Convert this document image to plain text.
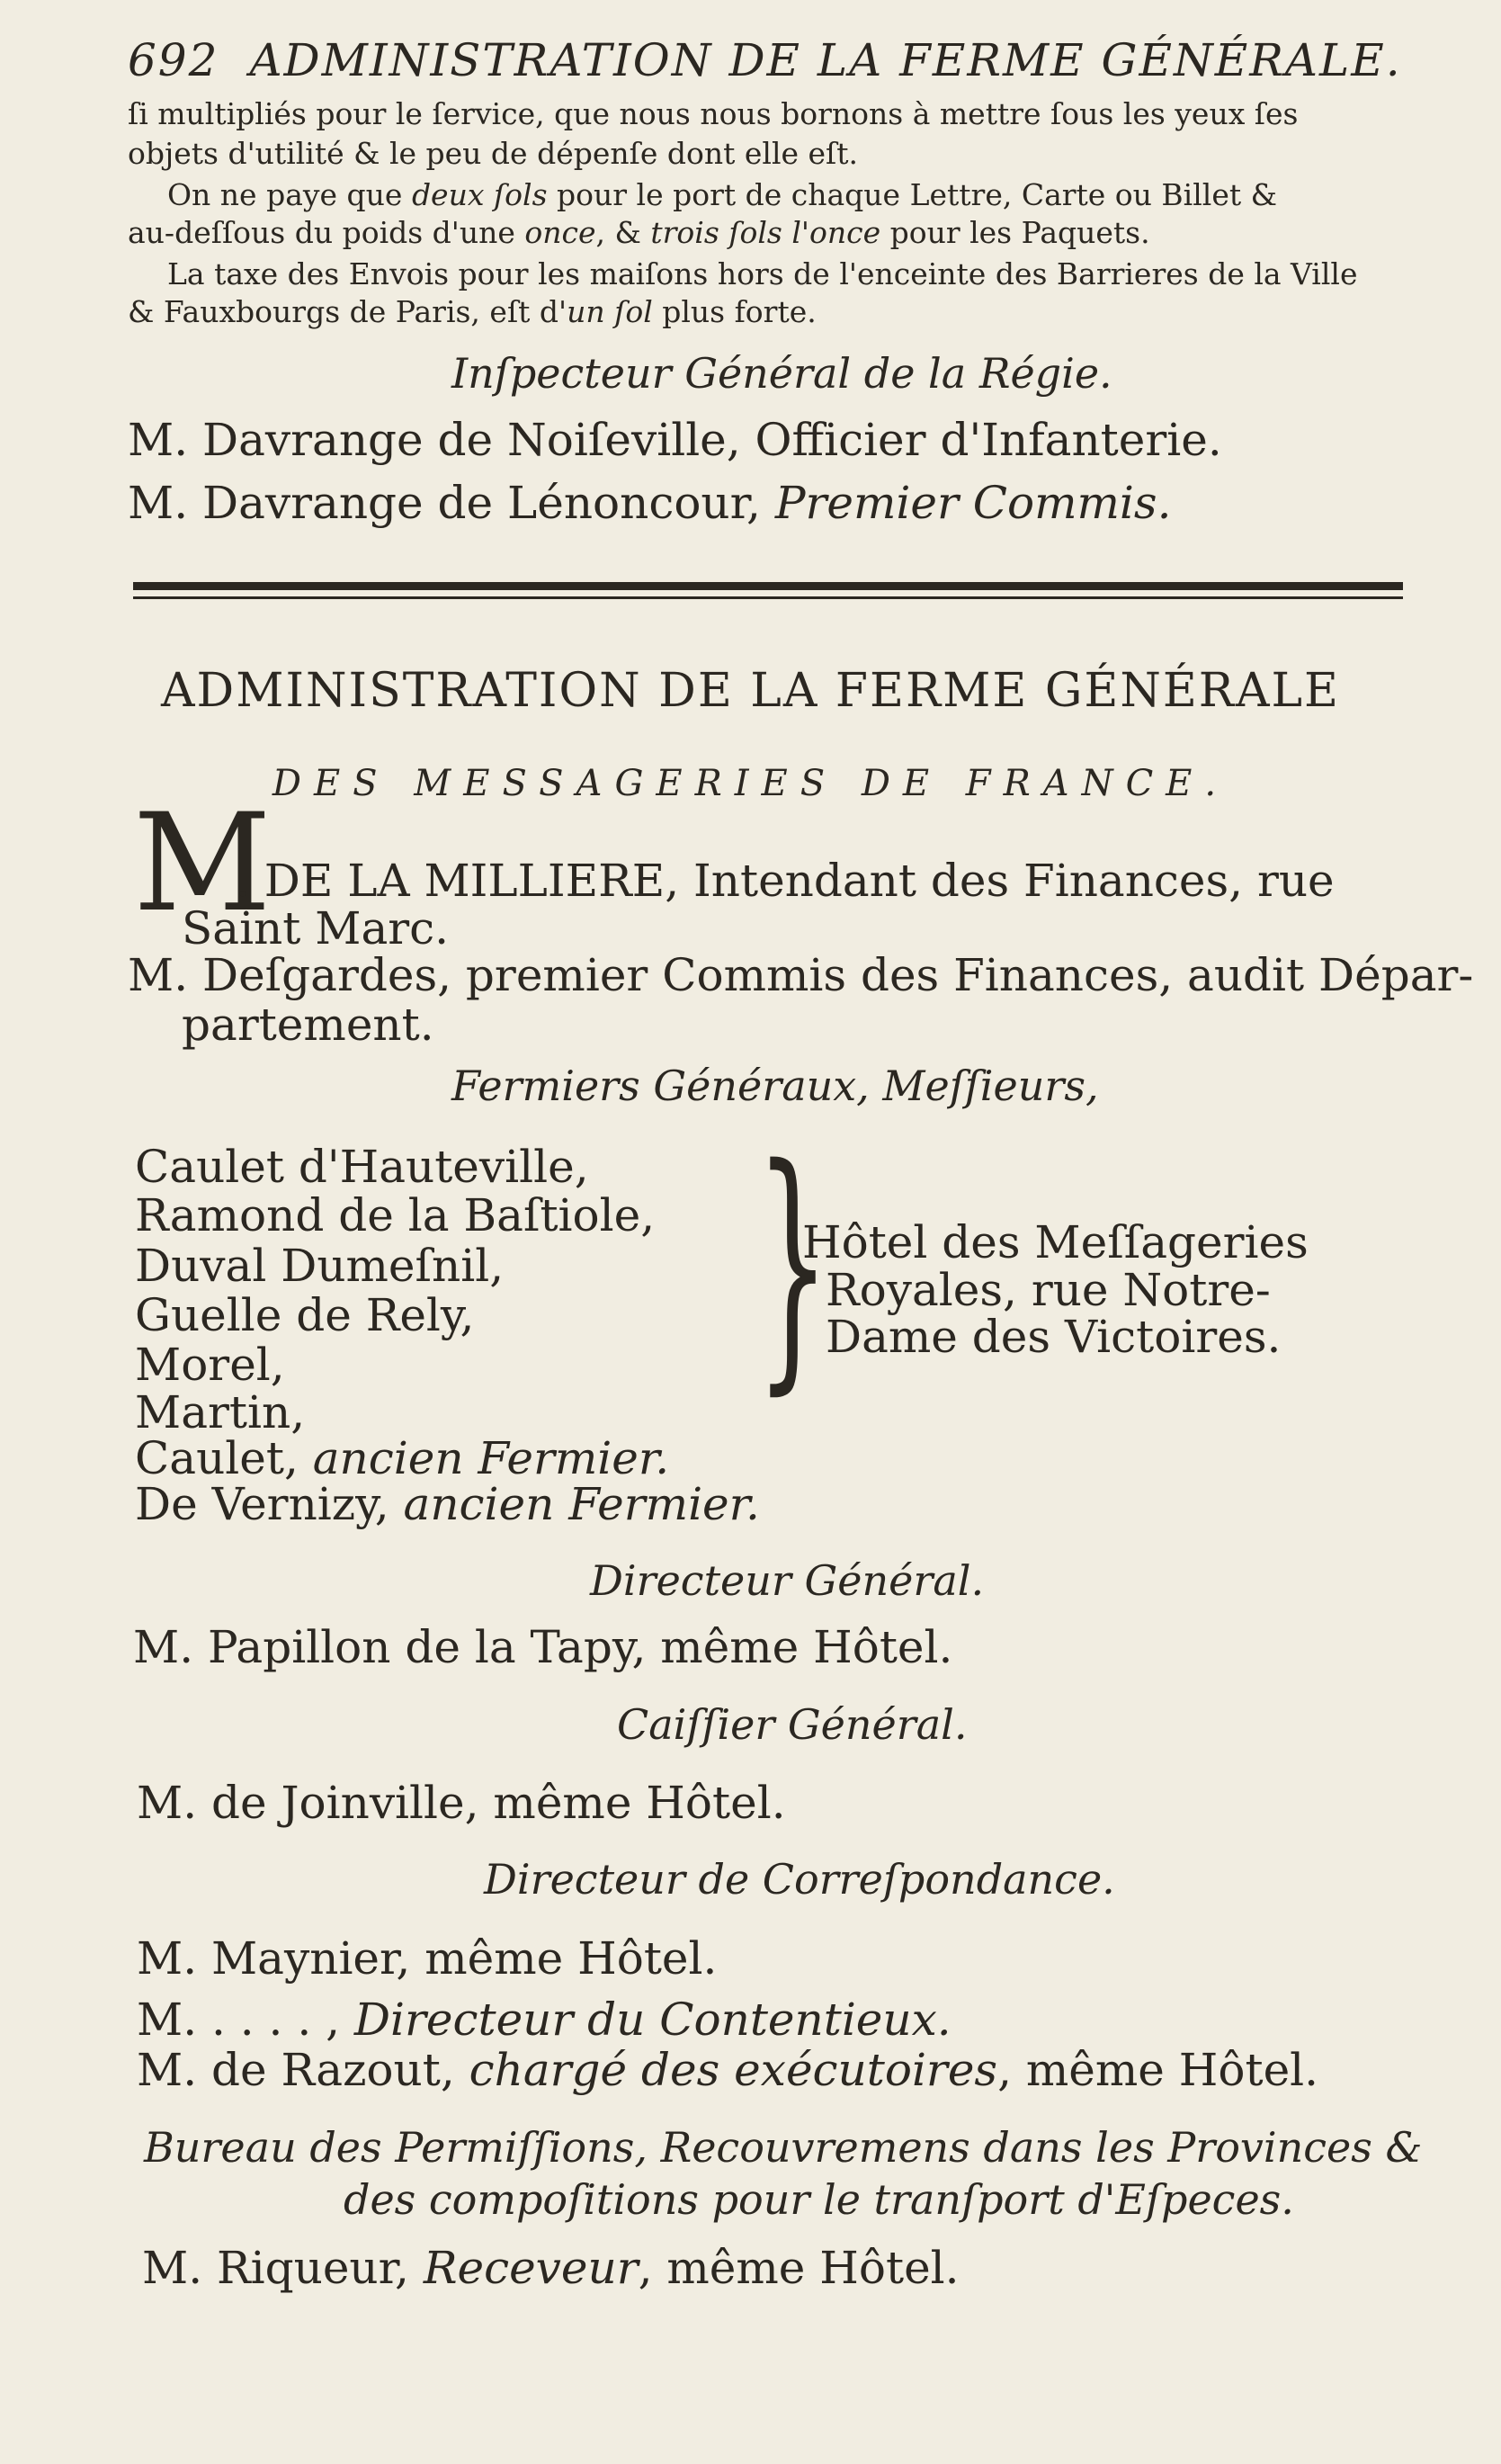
692 ADMINISTRATION DE LA FERME GÉNÉRALE.
ſi multipliés pour le ſervice, que nous nous bornons à mettre ſous les yeux ſes
objets d'utilité & le peu de dépenſe dont elle eſt.
On ne paye que deux ſols pour le port de chaque Lettre, Carte ou Billet &
au-deſſous du poids d'une once, & trois ſols l'once pour les Paquets.
La taxe des Envois pour les maiſons hors de l'enceinte des Barrieres de la Ville
& Fauxbourgs de Paris, eſt d'un ſol plus forte.
Inſpecteur Général de la Régie.
M. Davrange de Noiſeville, Officier d'Infanterie.
M. Davrange de Lénoncour, Premier Commis.
ADMINISTRATION DE LA FERME GÉNÉRALE
DES MESSAGERIES DE FRANCE.
M
. DE LA MILLIERE, Intendant des Finances, rue
Saint Marc.
M. Deſgardes, premier Commis des Finances, audit Dépar-
partement.
Fermiers Généraux, Meſſieurs,
Caulet d'Hauteville,
Ramond de la Baſtiole,
Duval Dumeſnil,
Guelle de Rely,
Morel,
Martin,
Caulet, ancien Fermier.
De Vernizy, ancien Fermier.
}
Hôtel des Meſſageries
Royales, rue Notre-
Dame des Victoires.
Directeur Général.
M. Papillon de la Tapy, même Hôtel.
Caiſſier Général.
M. de Joinville, même Hôtel.
Directeur de Correſpondance.
M. Maynier, même Hôtel.
M. . . . . , Directeur du Contentieux.
M. de Razout, chargé des exécutoires, même Hôtel.
Bureau des Permiſſions, Recouvremens dans les Provinces &
des compoſitions pour le tranſport d'Eſpeces.
M. Riqueur, Receveur, même Hôtel.
